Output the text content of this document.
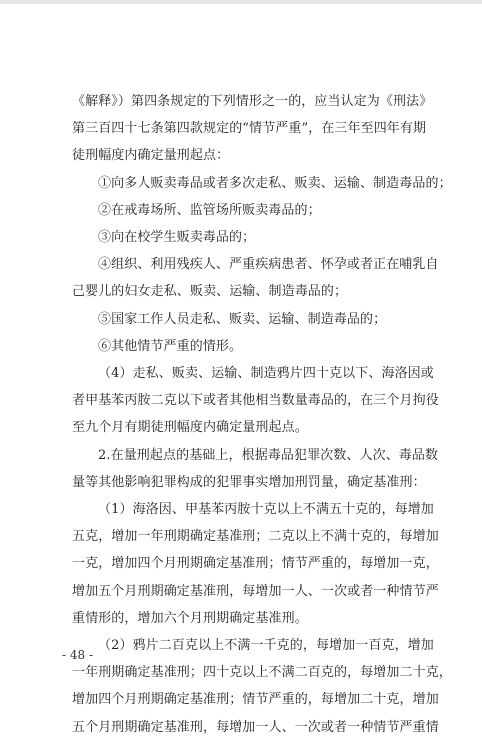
《解释》）第四条规定的下列情形之一的，应当认定为《刑法》
第三百四十七条第四款规定的“情节严重”，在三年至四年有期
徒刑幅度内确定量刑起点：
①向多人贩卖毒品或者多次走私、贩卖、运输、制造毒品的；
②在戒毒场所、监管场所贩卖毒品的；
③向在校学生贩卖毒品的；
④组织、利用残疾人、严重疾病患者、怀孕或者正在哺乳自
己婴儿的妇女走私、贩卖、运输、制造毒品的；
⑤国家工作人员走私、贩卖、运输、制造毒品的；
⑥其他情节严重的情形。
（4）走私、贩卖、运输、制造鸦片四十克以下、海洛因或
者甲基苯丙胺二克以下或者其他相当数量毒品的，在三个月拘役
至九个月有期徒刑幅度内确定量刑起点。
2.在量刑起点的基础上，根据毒品犯罪次数、人次、毒品数
量等其他影响犯罪构成的犯罪事实增加刑罚量，确定基准刑：
（1）海洛因、甲基苯丙胺十克以上不满五十克的，每增加
五克，增加一年刑期确定基准刑；二克以上不满十克的，每增加
一克，增加四个月刑期确定基准刑；情节严重的，每增加一克，
增加五个月刑期确定基准刑，每增加一人、一次或者一种情节严
重情形的，增加六个月刑期确定基准刑。
（2）鸦片二百克以上不满一千克的，每增加一百克，增加
一年刑期确定基准刑；四十克以上不满二百克的，每增加二十克，
增加四个月刑期确定基准刑；情节严重的，每增加二十克，增加
五个月刑期确定基准刑，每增加一人、一次或者一种情节严重情
- 48 -
